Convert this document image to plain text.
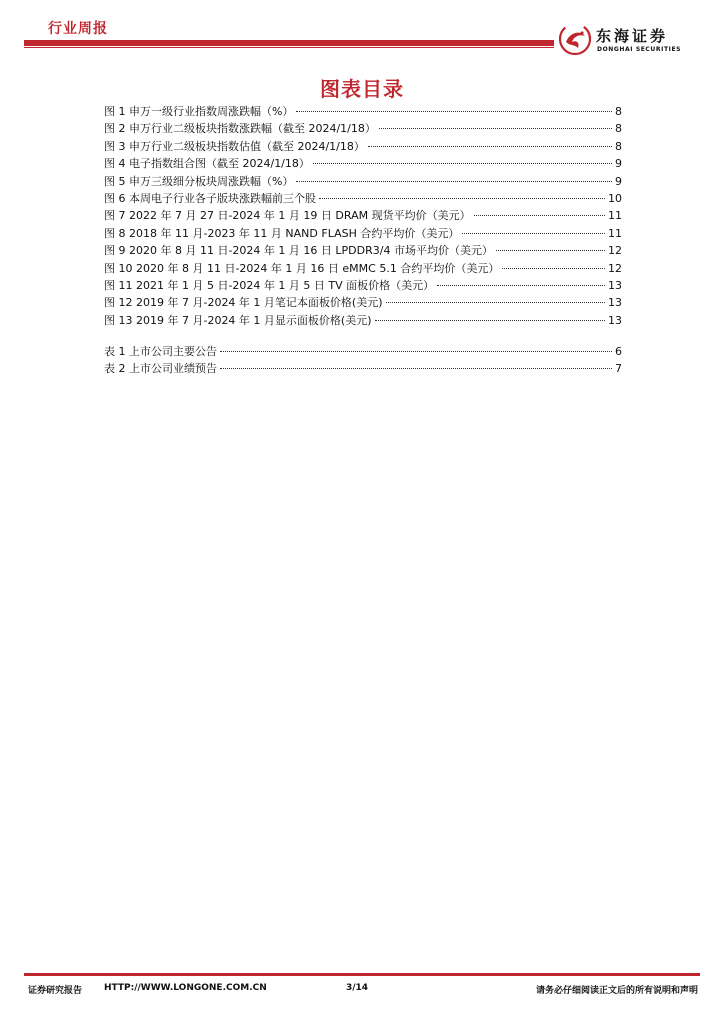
行业周报	东海证券
DONGHAI SECURITIES
图表目录
图 1 申万一级行业指数周涨跌幅（%）	8
图 2 申万行业二级板块指数涨跌幅（截至 2024/1/18）	8
图 3 申万行业二级板块指数估值（截至 2024/1/18）	8
图 4 电子指数组合图（截至 2024/1/18）	9
图 5 申万三级细分板块周涨跌幅（%）	9
图 6 本周电子行业各子版块涨跌幅前三个股	10
图 7 2022 年 7 月 27 日-2024 年 1 月 19 日 DRAM 现货平均价（美元）	11
图 8 2018 年 11 月-2023 年 11 月 NAND FLASH 合约平均价（美元）	11
图 9 2020 年 8 月 11 日-2024 年 1 月 16 日 LPDDR3/4 市场平均价（美元）	12
图 10 2020 年 8 月 11 日-2024 年 1 月 16 日 eMMC 5.1 合约平均价（美元）	12
图 11 2021 年 1 月 5 日-2024 年 1 月 5 日 TV 面板价格（美元）	13
图 12 2019 年 7 月-2024 年 1 月笔记本面板价格(美元)	13
图 13 2019 年 7 月-2024 年 1 月显示面板价格(美元)	13
表 1 上市公司主要公告	6
表 2 上市公司业绩预告	7
证券研究报告 HTTP://WWW.LONGONE.COM.CN	3/14	请务必仔细阅读正文后的所有说明和声明
